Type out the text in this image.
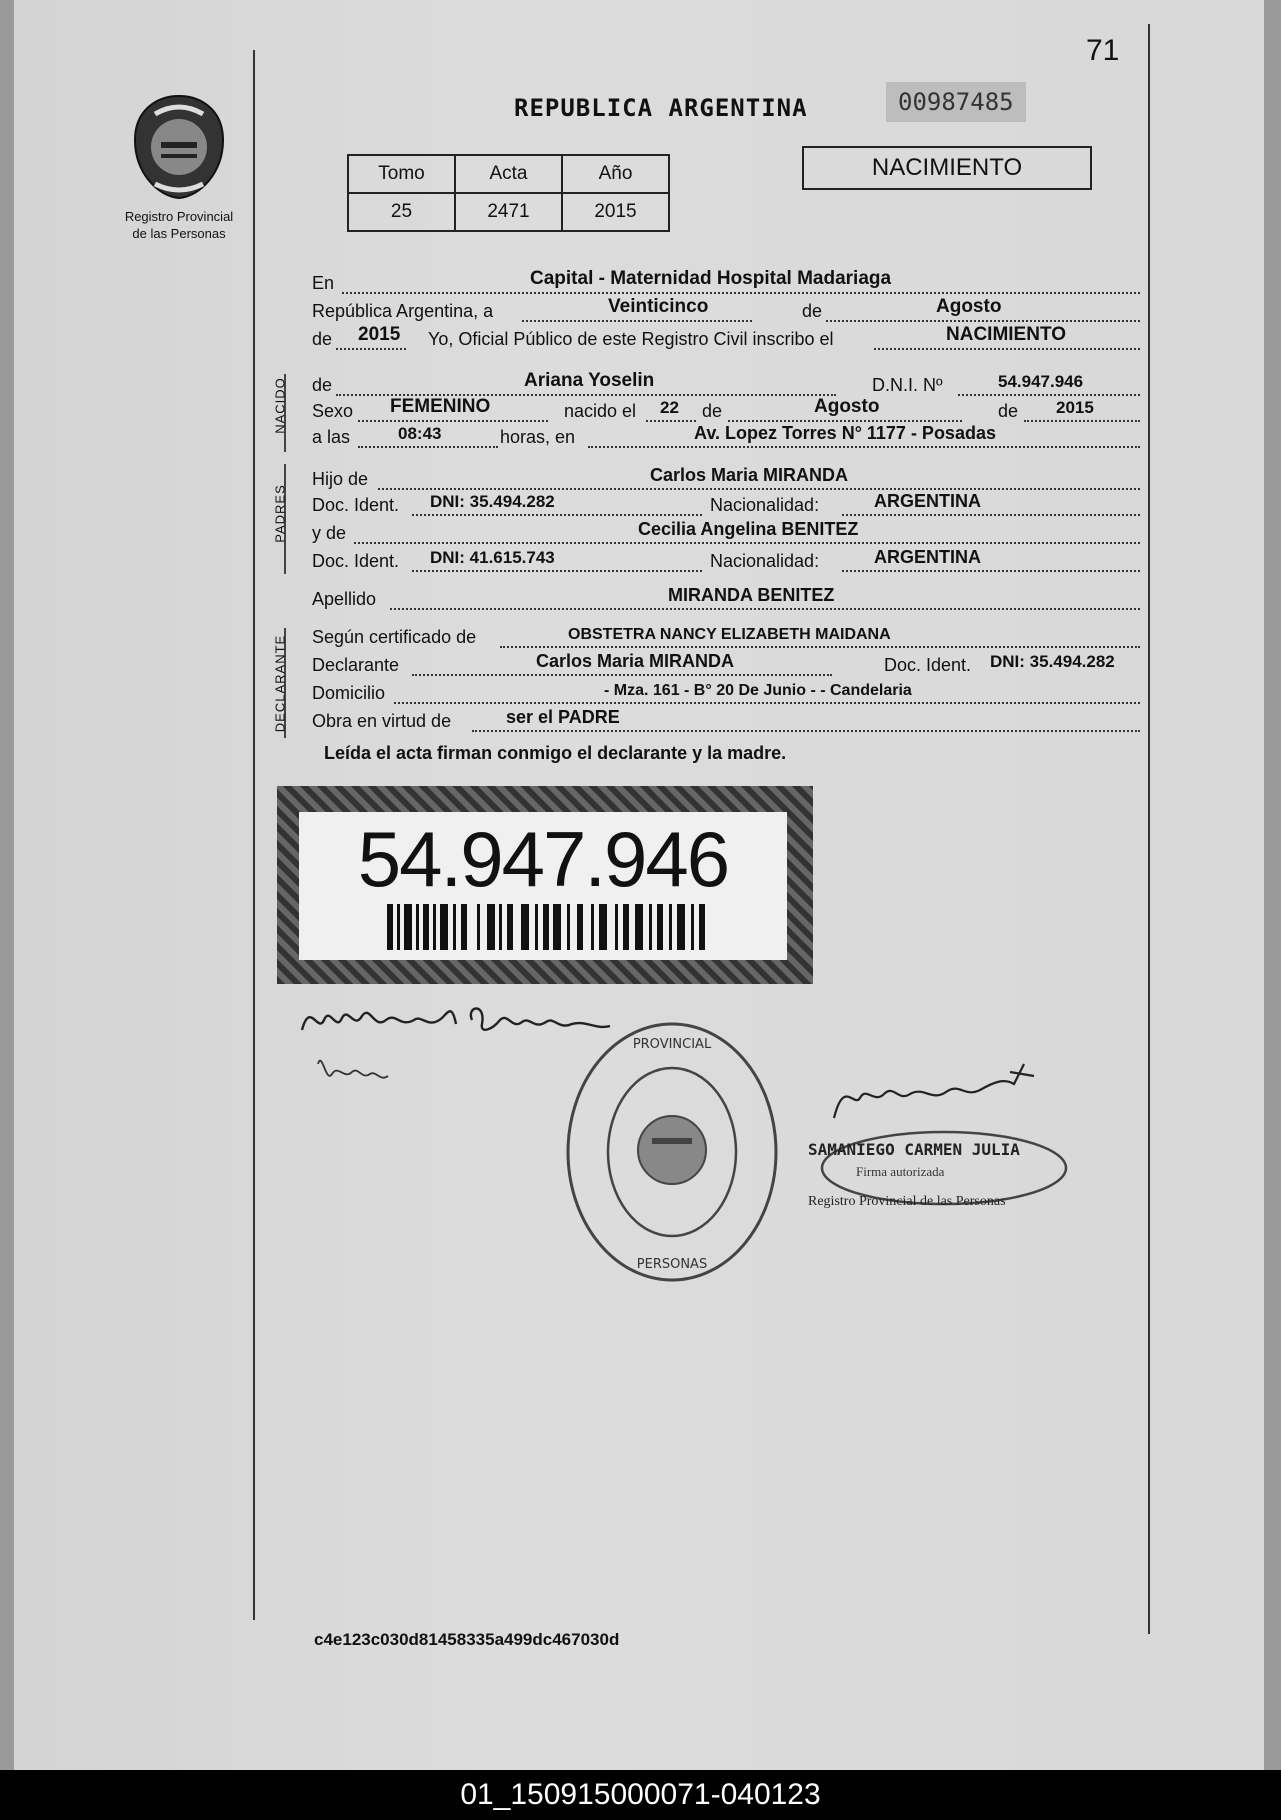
71
Registro Provincial
de las Personas
REPUBLICA ARGENTINA	00987485
Tomo	Acta	Año
25	2471	2015
NACIMIENTO
En	Capital - Maternidad Hospital Madariaga
República Argentina, a	Veinticinco	de	Agosto
de 2015 Yo, Oficial Público de este Registro Civil inscribo el	NACIMIENTO
de	Ariana Yoselin	D.N.I. Nº	54.947.946
Sexo FEMENINO	nacido el 22 de	Agosto	de 2015
a las	08:43	horas, en	Av. Lopez Torres N° 1177 - Posadas
Hijo de	Carlos Maria MIRANDA
Doc. Ident. DNI: 35.494.282	Nacionalidad:	ARGENTINA
y de	Cecilia Angelina BENITEZ
Doc. Ident. DNI: 41.615.743	Nacionalidad:	ARGENTINA
Apellido	MIRANDA BENITEZ
Según certificado de	OBSTETRA NANCY ELIZABETH MAIDANA
Declarante	Carlos Maria MIRANDA	Doc. Ident. DNI: 35.494.282
Domicilio	- Mza. 161 - B° 20 De Junio - - Candelaria
Obra en virtud de	ser el PADRE
NACIDO
PADRES
DECLARANTE
Leída el acta firman conmigo el declarante y la madre.
54.947.946
PROVINCIAL
PERSONAS
SAMANIEGO CARMEN JULIA
Firma autorizada
Registro Provincial de las Personas
c4e123c030d81458335a499dc467030d
01_150915000071-040123
